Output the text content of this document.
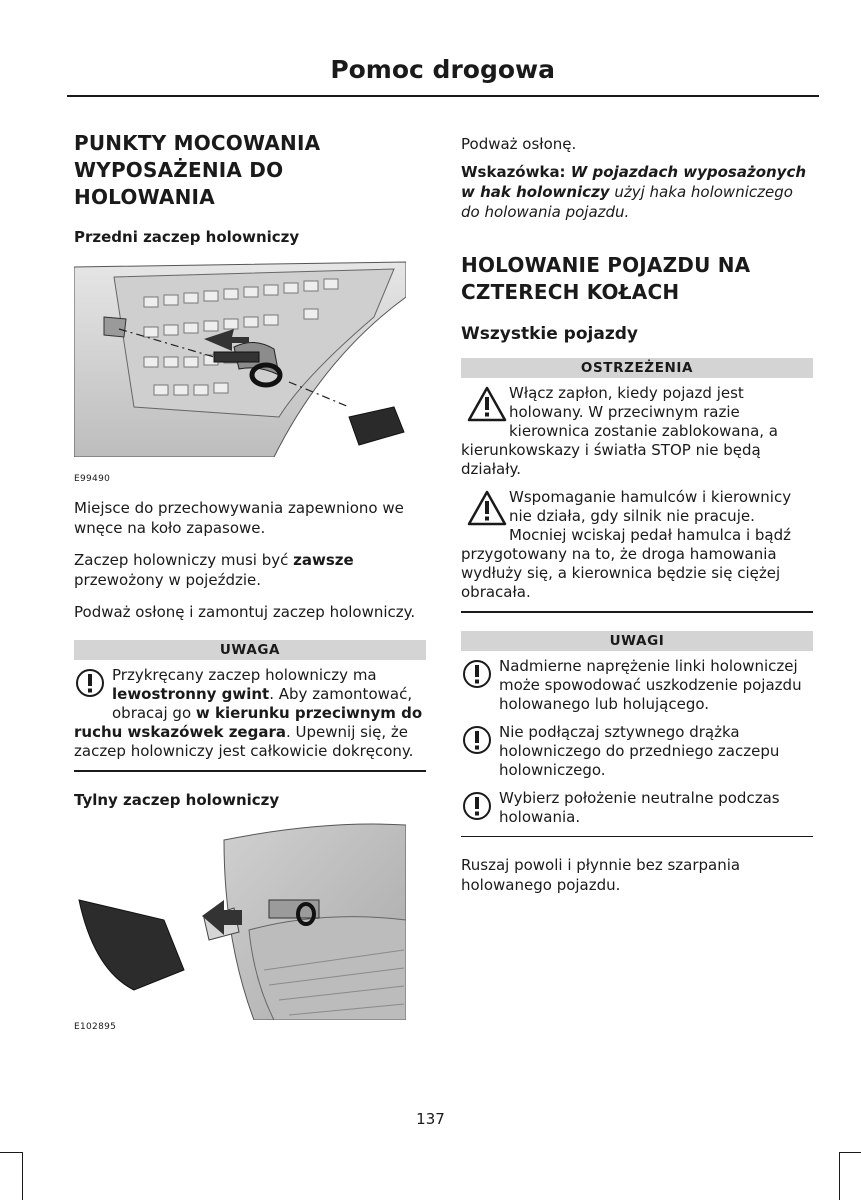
Pomoc drogowa
PUNKTY MOCOWANIA WYPOSAŻENIA DO HOLOWANIA
Przedni zaczep holowniczy
E99490

Miejsce do przechowywania zapewniono we wnęce na koło zapasowe.

Zaczep holowniczy musi być zawsze przewożony w pojeździe.

Podważ osłonę i zamontuj zaczep holowniczy.

UWAGA
Przykręcany zaczep holowniczy ma lewostronny gwint. Aby zamontować, obracaj go w kierunku przeciwnym do ruchu wskazówek zegara. Upewnij się, że zaczep holowniczy jest całkowicie dokręcony.
Tylny zaczep holowniczy
E102895

Podważ osłonę.

Wskazówka: W pojazdach wyposażonych w hak holowniczy użyj haka holowniczego do holowania pojazdu.

HOLOWANIE POJAZDU NA CZTERECH KOŁACH
Wszystkie pojazdy
OSTRZEŻENIA
Włącz zapłon, kiedy pojazd jest holowany. W przeciwnym razie kierownica zostanie zablokowana, a kierunkowskazy i światła STOP nie będą działały.
Wspomaganie hamulców i kierownicy nie działa, gdy silnik nie pracuje. Mocniej wciskaj pedał hamulca i bądź przygotowany na to, że droga hamowania wydłuży się, a kierownica będzie się ciężej obracała.
UWAGI
Nadmierne naprężenie linki holowniczej może spowodować uszkodzenie pojazdu holowanego lub holującego.
Nie podłączaj sztywnego drążka holowniczego do przedniego zaczepu holowniczego.
Wybierz położenie neutralne podczas holowania.

Ruszaj powoli i płynnie bez szarpania holowanego pojazdu.

137
